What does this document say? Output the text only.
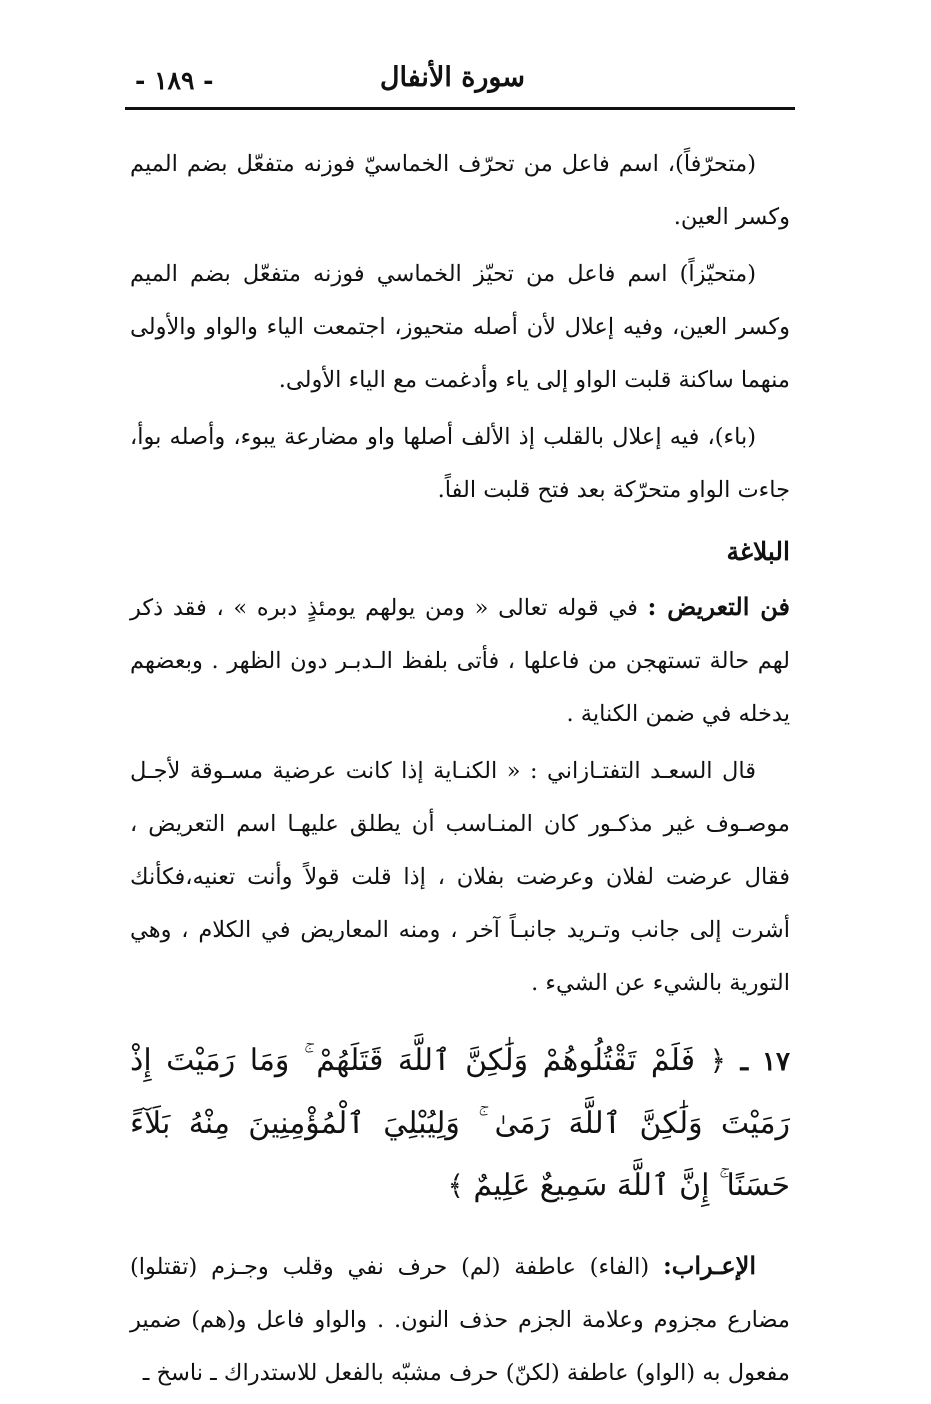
سورة الأنفال
- ١٨٩ -

(متحرّفاً)، اسم فاعل من تحرّف الخماسيّ فوزنه متفعّل بضم الميم وكسر العين.

(متحيّزاً) اسم فاعل من تحيّز الخماسي فوزنه متفعّل بضم الميم وكسر العين، وفيه إعلال لأن أصله متحيوز، اجتمعت الياء والواو والأولى منهما ساكنة قلبت الواو إلى ياء وأدغمت مع الياء الأولى.

(باء)، فيه إعلال بالقلب إذ الألف أصلها واو مضارعة يبوء، وأصله بوأ، جاءت الواو متحرّكة بعد فتح قلبت الفاً.

البلاغة

فن التعريض : في قوله تعالى « ومن يولهم يومئذٍ دبره » ، فقد ذكر لهم حالة تستهجن من فاعلها ، فأتى بلفظ الـدبـر دون الظهر . وبعضهم يدخله في ضمن الكناية .

قال السعـد التفتـازاني : « الكنـاية إذا كانت عرضية مسـوقة لأجـل موصـوف غير مذكـور كان المنـاسب أن يطلق عليهـا اسم التعريض ، فقال عرضت لفلان وعرضت بفلان ، إذا قلت قولاً وأنت تعنيه،فكأنك أشرت إلى جانب وتـريد جانبـاً آخر ، ومنه المعاريض في الكلام ، وهي التورية بالشيء عن الشيء .

١٧ ـ ﴿ فَلَمْ تَقْتُلُوهُمْ وَلَٰكِنَّ ٱللَّهَ قَتَلَهُمْ ۚ وَمَا رَمَيْتَ إِذْ رَمَيْتَ وَلَٰكِنَّ ٱللَّهَ رَمَىٰ ۚ وَلِيُبْلِيَ ٱلْمُؤْمِنِينَ مِنْهُ بَلَآءً حَسَنًا ۚ إِنَّ ٱللَّهَ سَمِيعٌ عَلِيمٌ ﴾

الإعـراب: (الفاء) عاطفة (لم) حرف نفي وقلب وجـزم (تقتلوا) مضارع مجزوم وعلامة الجزم حذف النون. . والواو فاعل و(هم) ضمير مفعول به (الواو) عاطفة (لكنّ) حرف مشبّه بالفعل للاستدراك ـ ناسخ ـ
